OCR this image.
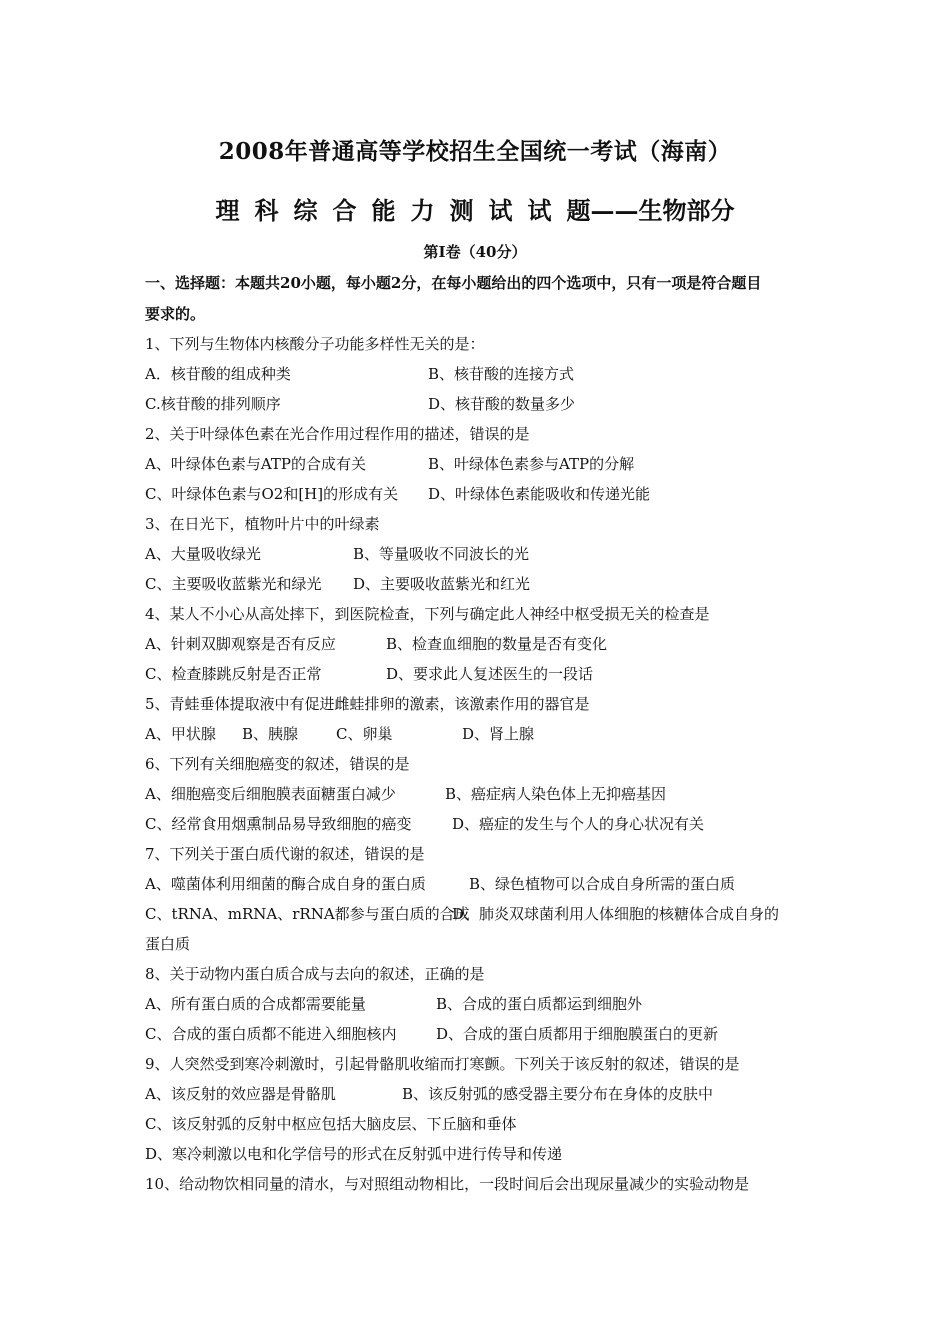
2008年普通高等学校招生全国统一考试（海南）
理科综合能力测试试题——生物部分
第Ⅰ卷（40分）
一、选择题：本题共20小题，每小题2分，在每小题给出的四个选项中，只有一项是符合题目
要求的。
1、下列与生物体内核酸分子功能多样性无关的是：
A．核苷酸的组成种类	B、核苷酸的连接方式
C.核苷酸的排列顺序	D、核苷酸的数量多少
2、关于叶绿体色素在光合作用过程作用的描述，错误的是
A、叶绿体色素与ATP的合成有关	B、叶绿体色素参与ATP的分解
C、叶绿体色素与O2和[H]的形成有关 D、叶绿体色素能吸收和传递光能
3、在日光下，植物叶片中的叶绿素
A、大量吸收绿光	B、等量吸收不同波长的光
C、主要吸收蓝紫光和绿光 D、主要吸收蓝紫光和红光
4、某人不小心从高处摔下，到医院检查，下列与确定此人神经中枢受损无关的检查是
A、针刺双脚观察是否有反应	B、检查血细胞的数量是否有变化
C、检查膝跳反射是否正常	D、要求此人复述医生的一段话
5、青蛙垂体提取液中有促进雌蛙排卵的激素，该激素作用的器官是
A、甲状腺 B、胰腺	C、卵巢	D、肾上腺
6、下列有关细胞癌变的叙述，错误的是
A、细胞癌变后细胞膜表面糖蛋白减少	B、癌症病人染色体上无抑癌基因
C、经常食用烟熏制品易导致细胞的癌变	D、癌症的发生与个人的身心状况有关
7、下列关于蛋白质代谢的叙述，错误的是
A、噬菌体利用细菌的酶合成自身的蛋白质	B、绿色植物可以合成自身所需的蛋白质
C、tRNA、mRNA、rRNA都参与蛋白质的合成
D、肺炎双球菌利用人体细胞的核糖体合成自身的
蛋白质
8、关于动物内蛋白质合成与去向的叙述，正确的是
A、所有蛋白质的合成都需要能量	B、合成的蛋白质都运到细胞外
C、合成的蛋白质都不能进入细胞核内	D、合成的蛋白质都用于细胞膜蛋白的更新
9、人突然受到寒冷刺激时，引起骨骼肌收缩而打寒颤。下列关于该反射的叙述，错误的是
A、该反射的效应器是骨骼肌	B、该反射弧的感受器主要分布在身体的皮肤中
C、该反射弧的反射中枢应包括大脑皮层、下丘脑和垂体
D、寒冷刺激以电和化学信号的形式在反射弧中进行传导和传递
10、给动物饮相同量的清水，与对照组动物相比，一段时间后会出现尿量减少的实验动物是
